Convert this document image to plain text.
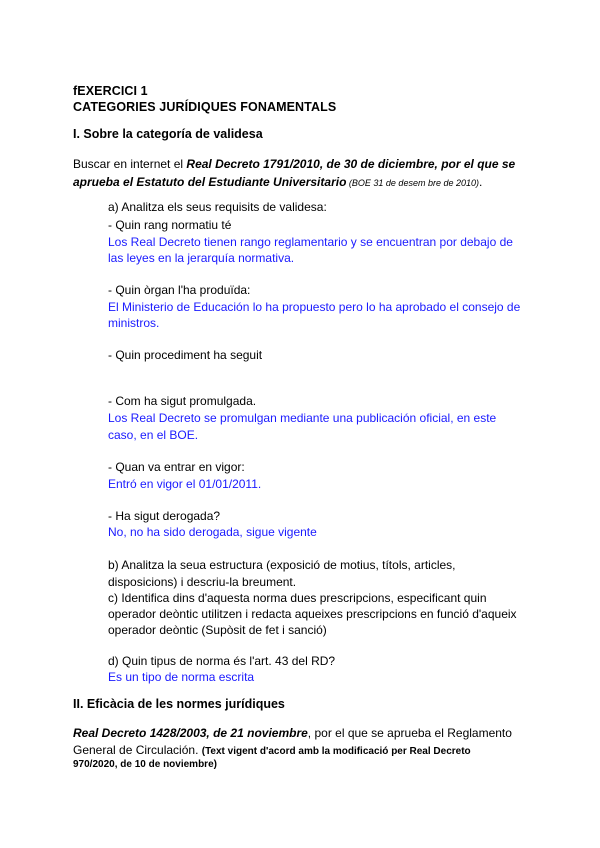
fEXERCICI 1
CATEGORIES JURÍDIQUES FONAMENTALS
I. Sobre la categoría de validesa
Buscar en internet el Real Decreto 1791/2010, de 30 de diciembre, por el que se
aprueba el Estatuto del Estudiante Universitario (BOE 31 de desem bre de 2010).
a) Analitza els seus requisits de validesa:
- Quin rang normatiu té
Los Real Decreto tienen rango reglamentario y se encuentran por debajo de
las leyes en la jerarquía normativa.
- Quin òrgan l'ha produïda:
El Ministerio de Educación lo ha propuesto pero lo ha aprobado el consejo de
ministros.
- Quin procediment ha seguit
- Com ha sigut promulgada.
Los Real Decreto se promulgan mediante una publicación oficial, en este
caso, en el BOE.
- Quan va entrar en vigor:
Entró en vigor el 01/01/2011.
- Ha sigut derogada?
No, no ha sido derogada, sigue vigente
b) Analitza la seua estructura (exposició de motius, títols, articles,
disposicions) i descriu-la breument.
c) Identifica dins d'aquesta norma dues prescripcions, especificant quin
operador deòntic utilitzen i redacta aqueixes prescripcions en funció d'aqueix
operador deòntic (Supòsit de fet i sanció)
d) Quin tipus de norma és l'art. 43 del RD?
Es un tipo de norma escrita
II. Eficàcia de les normes jurídiques
Real Decreto 1428/2003, de 21 noviembre, por el que se aprueba el Reglamento
General de Circulación. (Text vigent d'acord amb la modificació per Real Decreto
970/2020, de 10 de noviembre)
